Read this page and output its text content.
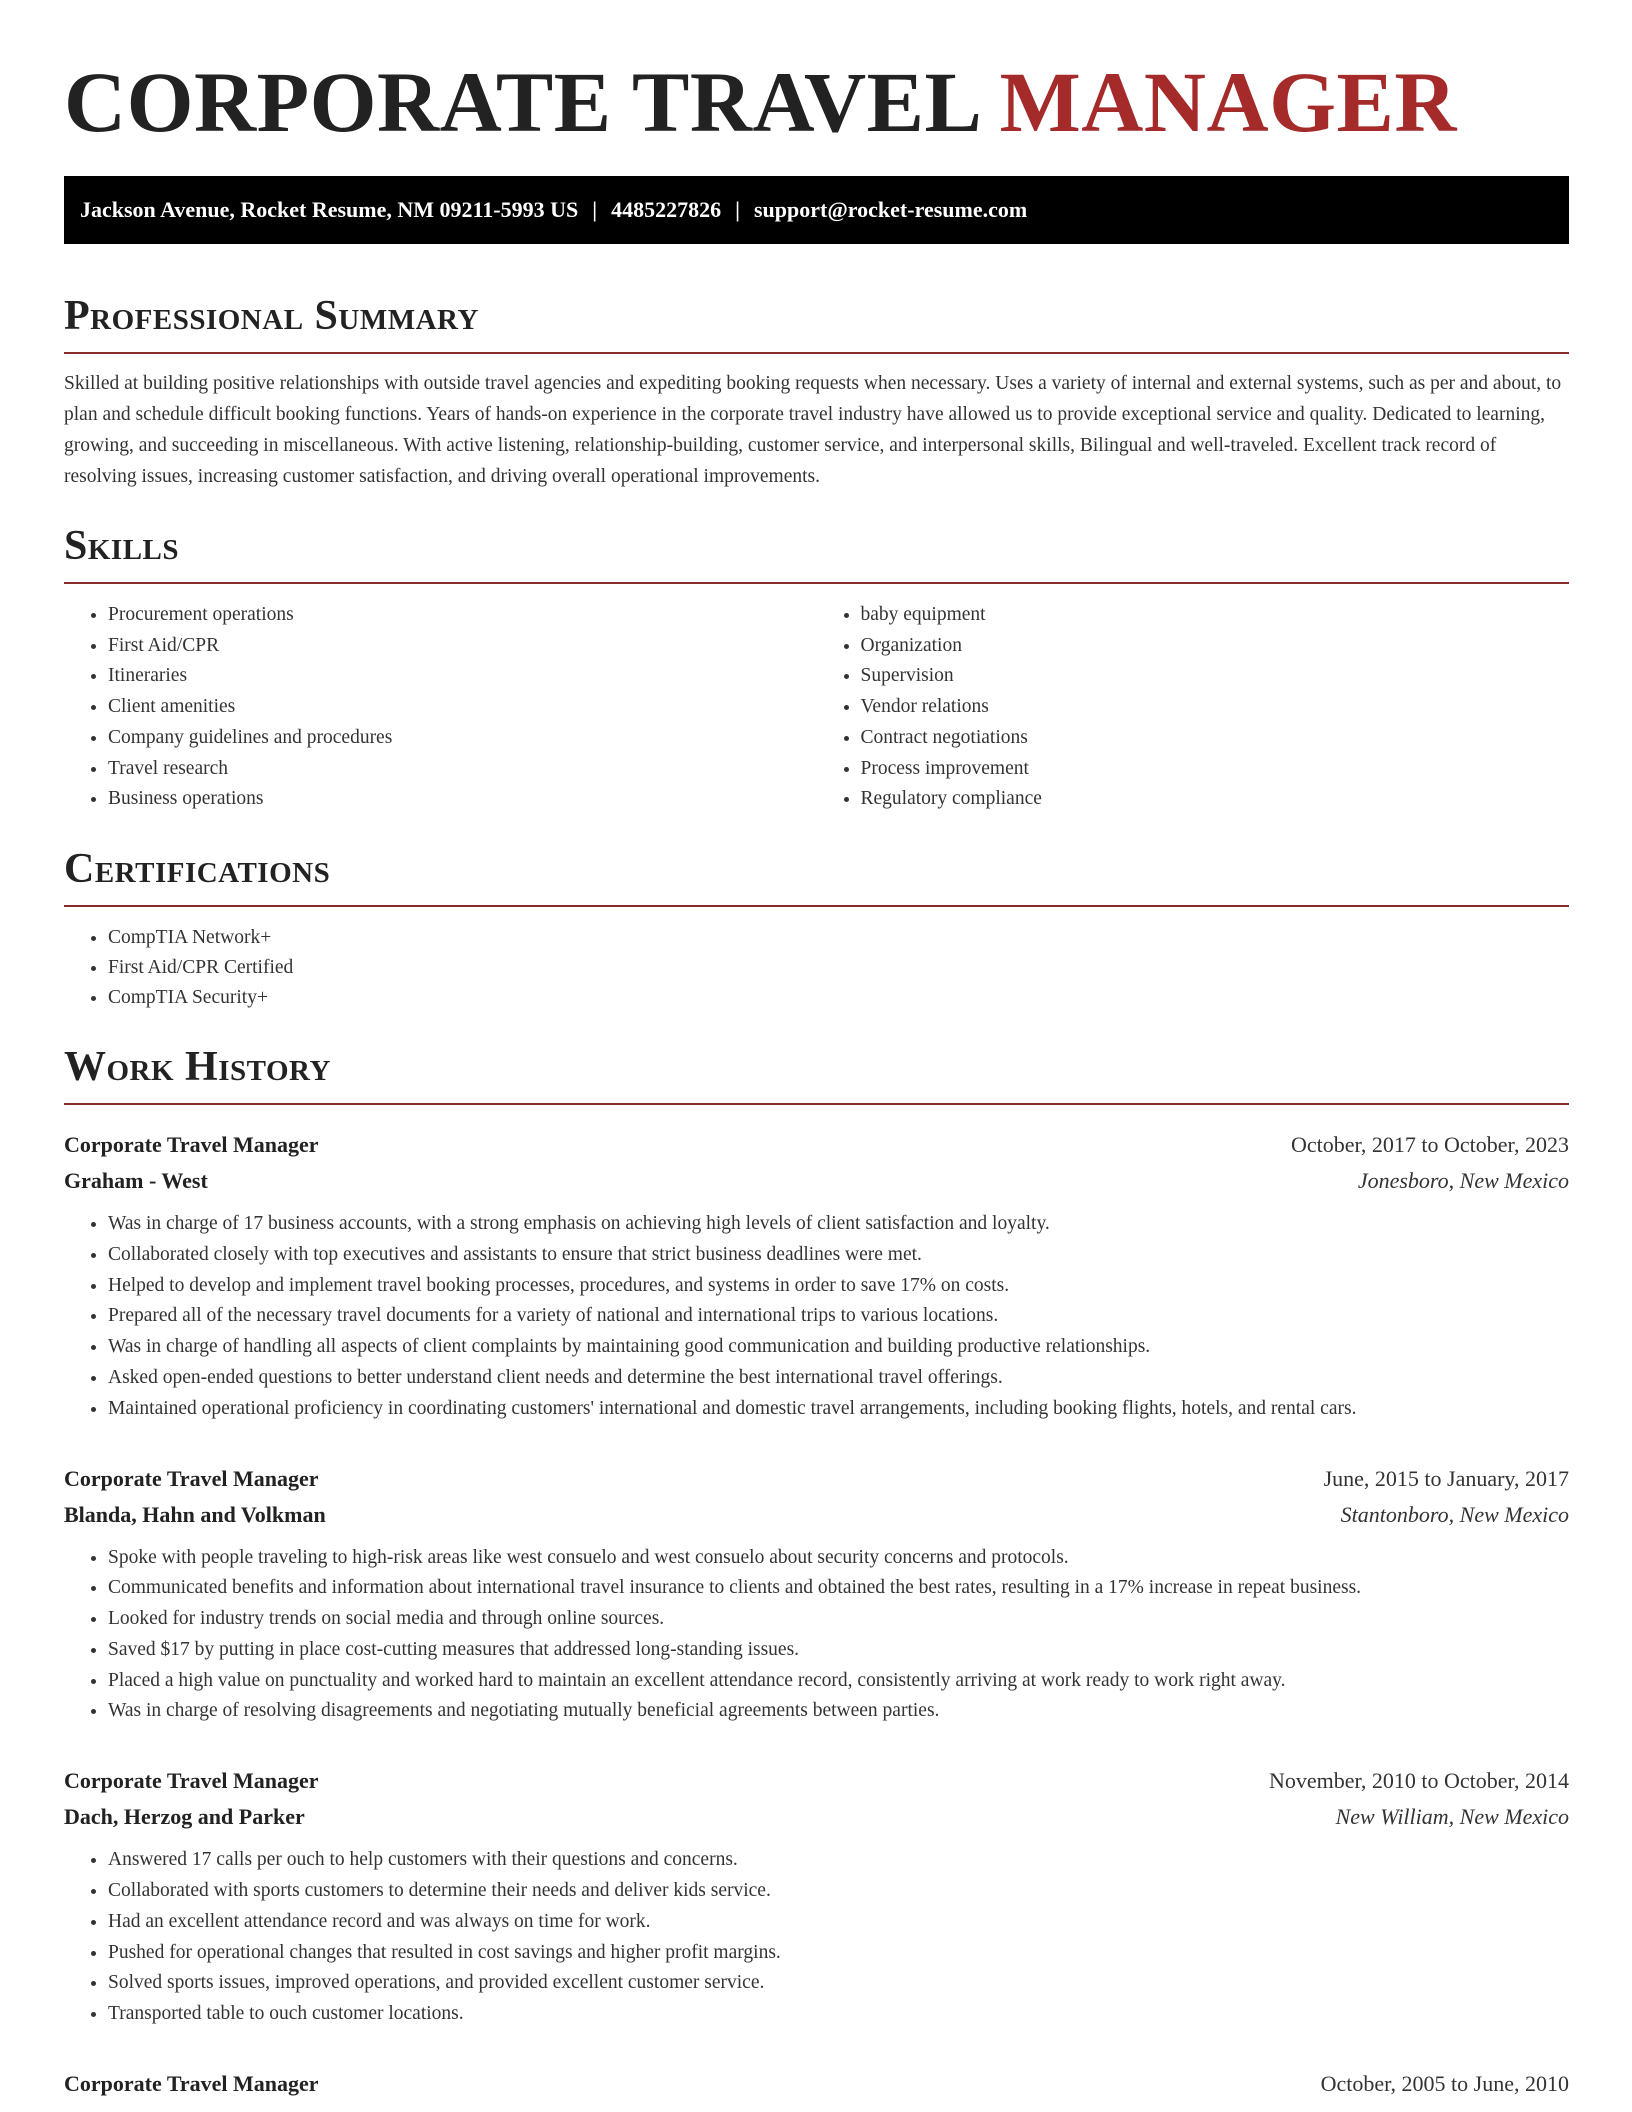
CORPORATE TRAVEL MANAGER
Jackson Avenue, Rocket Resume, NM 09211-5993 US | 4485227826 | support@rocket-resume.com
Professional Summary

Skilled at building positive relationships with outside travel agencies and expediting booking requests when necessary. Uses a variety of internal and external systems, such as per and about, to plan and schedule difficult booking functions. Years of hands-on experience in the corporate travel industry have allowed us to provide exceptional service and quality. Dedicated to learning, growing, and succeeding in miscellaneous. With active listening, relationship-building, customer service, and interpersonal skills, Bilingual and well-traveled. Excellent track record of resolving issues, increasing customer satisfaction, and driving overall operational improvements.

Skills
• Procurement operations
• First Aid/CPR
• Itineraries
• Client amenities
• Company guidelines and procedures
• Travel research
• Business operations
• baby equipment
• Organization
• Supervision
• Vendor relations
• Contract negotiations
• Process improvement
• Regulatory compliance
Certifications
• CompTIA Network+
• First Aid/CPR Certified
• CompTIA Security+
Work History
Corporate Travel Manager	October, 2017 to October, 2023
Graham - West	Jonesboro, New Mexico
• Was in charge of 17 business accounts, with a strong emphasis on achieving high levels of client satisfaction and loyalty.
• Collaborated closely with top executives and assistants to ensure that strict business deadlines were met.
• Helped to develop and implement travel booking processes, procedures, and systems in order to save 17% on costs.
• Prepared all of the necessary travel documents for a variety of national and international trips to various locations.
• Was in charge of handling all aspects of client complaints by maintaining good communication and building productive relationships.
• Asked open-ended questions to better understand client needs and determine the best international travel offerings.
• Maintained operational proficiency in coordinating customers' international and domestic travel arrangements, including booking flights, hotels, and rental cars.
Corporate Travel Manager	June, 2015 to January, 2017
Blanda, Hahn and Volkman	Stantonboro, New Mexico
• Spoke with people traveling to high-risk areas like west consuelo and west consuelo about security concerns and protocols.
• Communicated benefits and information about international travel insurance to clients and obtained the best rates, resulting in a 17% increase in repeat business.
• Looked for industry trends on social media and through online sources.
• Saved $17 by putting in place cost-cutting measures that addressed long-standing issues.
• Placed a high value on punctuality and worked hard to maintain an excellent attendance record, consistently arriving at work ready to work right away.
• Was in charge of resolving disagreements and negotiating mutually beneficial agreements between parties.
Corporate Travel Manager	November, 2010 to October, 2014
Dach, Herzog and Parker	New William, New Mexico
• Answered 17 calls per ouch to help customers with their questions and concerns.
• Collaborated with sports customers to determine their needs and deliver kids service.
• Had an excellent attendance record and was always on time for work.
• Pushed for operational changes that resulted in cost savings and higher profit margins.
• Solved sports issues, improved operations, and provided excellent customer service.
• Transported table to ouch customer locations.
Corporate Travel Manager	October, 2005 to June, 2010
